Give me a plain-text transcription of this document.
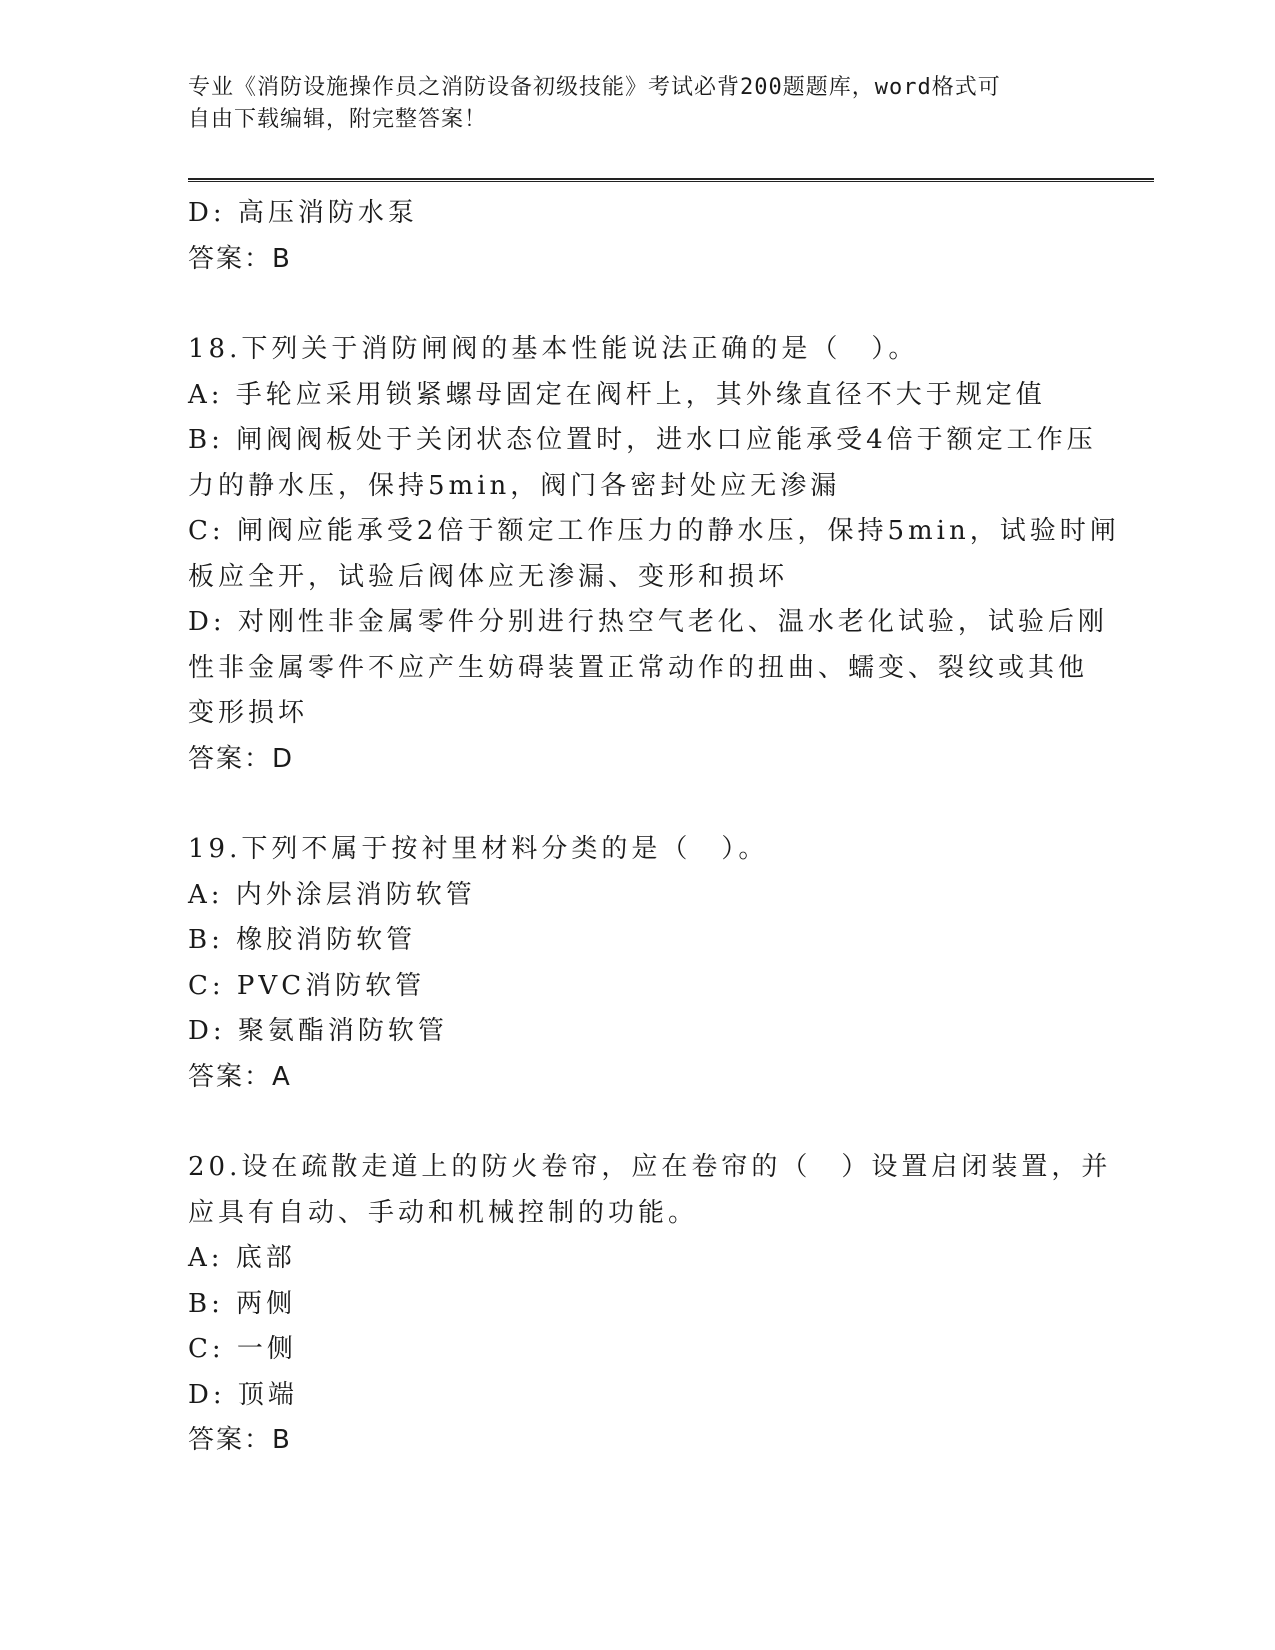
专业《消防设施操作员之消防设备初级技能》考试必背200题题库，word格式可
自由下载编辑，附完整答案！
D: 高压消防水泵
答案：B
18.下列关于消防闸阀的基本性能说法正确的是（　）。
A: 手轮应采用锁紧螺母固定在阀杆上，其外缘直径不大于规定值
B: 闸阀阀板处于关闭状态位置时，进水口应能承受4倍于额定工作压
力的静水压，保持5min，阀门各密封处应无渗漏
C: 闸阀应能承受2倍于额定工作压力的静水压，保持5min，试验时闸
板应全开，试验后阀体应无渗漏、变形和损坏
D: 对刚性非金属零件分别进行热空气老化、温水老化试验，试验后刚
性非金属零件不应产生妨碍装置正常动作的扭曲、蠕变、裂纹或其他
变形损坏
答案：D
19.下列不属于按衬里材料分类的是（　）。
A: 内外涂层消防软管
B: 橡胶消防软管
C: PVC消防软管
D: 聚氨酯消防软管
答案：A
20.设在疏散走道上的防火卷帘，应在卷帘的（　）设置启闭装置，并
应具有自动、手动和机械控制的功能。
A: 底部
B: 两侧
C: 一侧
D: 顶端
答案：B
